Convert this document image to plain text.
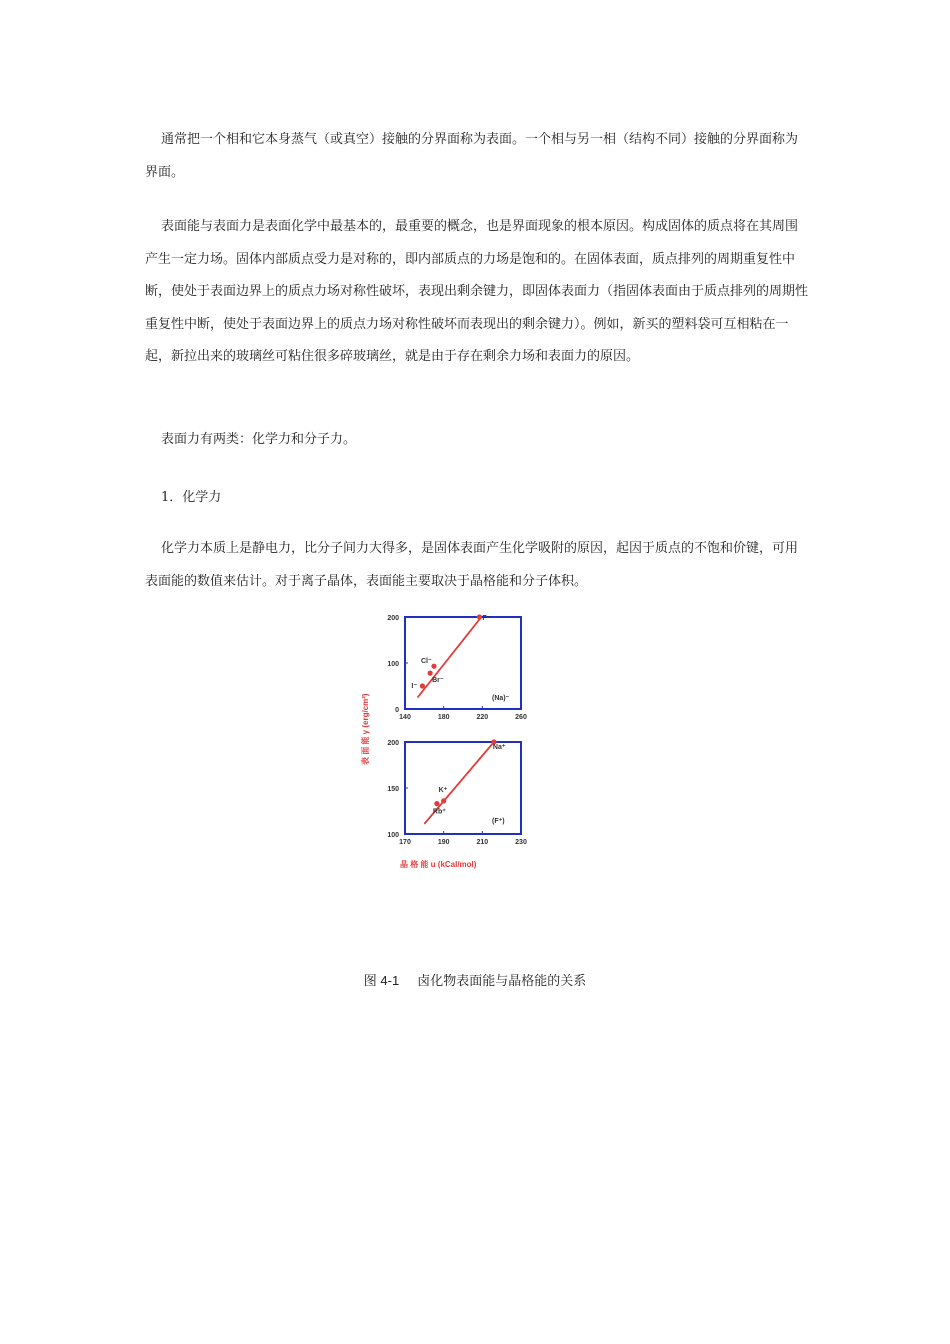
通常把一个相和它本身蒸气（或真空）接触的分界面称为表面。一个相与另一相（结构不同）接触的分界面称为界面。

表面能与表面力是表面化学中最基本的，最重要的概念，也是界面现象的根本原因。构成固体的质点将在其周围产生一定力场。固体内部质点受力是对称的，即内部质点的力场是饱和的。在固体表面，质点排列的周期重复性中断，使处于表面边界上的质点力场对称性破坏，表现出剩余键力，即固体表面力（指固体表面由于质点排列的周期性重复性中断，使处于表面边界上的质点力场对称性破坏而表现出的剩余键力）。例如，新买的塑料袋可互相粘在一起，新拉出来的玻璃丝可粘住很多碎玻璃丝，就是由于存在剩余力场和表面力的原因。

表面力有两类：化学力和分子力。

1．化学力

化学力本质上是静电力，比分子间力大得多，是固体表面产生化学吸附的原因，起因于质点的不饱和价键，可用表面能的数值来估计。对于离子晶体，表面能主要取决于晶格能和分子体积。

140	180	220	260
0
100
200
I⁻
Br⁻
Cl⁻
F⁻
(Na)⁻
170	190	210	230
100
150
200
Rb⁺
K⁺
Na⁺
(F⁺)
表 面 能 γ (erg/cm²)
晶 格 能 u (kCal/mol)
图 4-1 卤化物表面能与晶格能的关系
